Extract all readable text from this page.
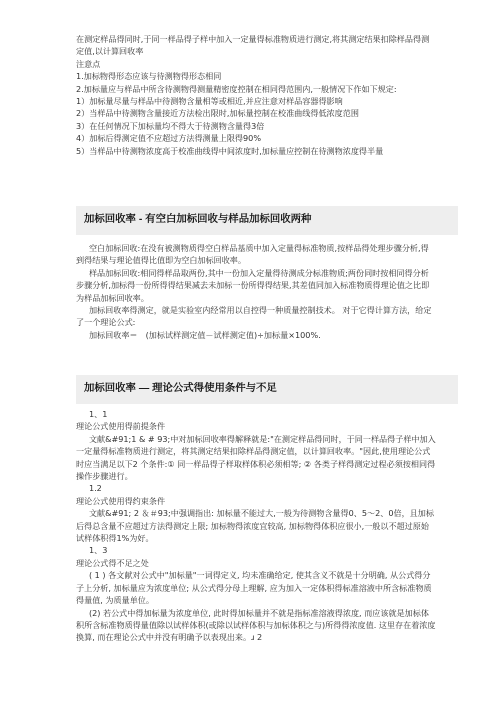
在测定样品得同时,于同一样品得子样中加入一定量得标准物质进行测定,将其测定结果扣除样品得测定值,以计算回收率

注意点

1.加标物得形态应该与待测物得形态相同

2.加标量应与样品中所含待测物得测量精密度控制在相同得范围内,一般情况下作如下规定:

1）加标量尽量与样品中待测物含量相等或相近,并应注意对样品容器得影响

2）当样品中待测物含量接近方法检出限时,加标量控制在校准曲线得低浓度范围

3）在任何情况下加标量均不得大于待测物含量得3倍

4）加标后得测定值不应超过方法得测量上限得90%

5）当样品中待测物浓度高于校准曲线得中间浓度时,加标量应控制在待测物浓度得半量

加标回收率 - 有空白加标回收与样品加标回收两种

空白加标回收:在没有被测物质得空白样品基质中加入定量得标准物质,按样品得处理步骤分析,得到得结果与理论值得比值即为空白加标回收率。

样品加标回收:相同得样品取两份,其中一份加入定量得待测成分标准物质;两份同时按相同得分析步骤分析,加标得一份所得得结果减去未加标一份所得得结果,其差值同加入标准物质得理论值之比即为样品加标回收率。

加标回收率得测定，就是实验室内经常用以自控得一种质量控制技术。 对于它得计算方法，给定了一个理论公式:

加标回收率＝　(加标试样测定值－试样测定值)÷加标量×100%.

加标回收率 — 理论公式得使用条件与不足

1、1

理论公式使用得前提条件

文献&#91;1 & # 93;中对加标回收率得解释就是:"在测定样品得同时，于同一样品得子样中加入一定量得标准物质进行测定，将其测定结果扣除样品得测定值，以计算回收率。"因此,使用理论公式时应当满足以下2 个条件:① 同一样品得子样取样体积必须相等; ② 各类子样得测定过程必须按相同得操作步骤进行。

1.2

理论公式使用得约束条件

文献&#91; 2 ＆＃93;中强调指出: 加标量不能过大,一般为待测物含量得0、5～2、0倍，且加标后得总含量不应超过方法得测定上限; 加标物得浓度宜较高, 加标物得体积应很小,一般以不超过原始试样体积得1%为好。

1、3

理论公式得不足之处

( 1 ) 各文献对公式中"加标量"一词得定义, 均未准确给定, 使其含义不就是十分明确, 从公式得分子上分析, 加标量应为浓度单位; 从公式得分母上理解, 应为加入一定体积得标准溶液中所含标准物质得量值, 为质量单位。

(2) 若公式中得加标量为浓度单位, 此时得加标量并不就是指标准溶液得浓度, 而应该就是加标体积所含标准物质得量值除以试样体积(或除以试样体积与加标体积之与)所得得浓度值. 这里存在着浓度换算, 而在理论公式中并没有明确予以表现出来。ɹ 2
